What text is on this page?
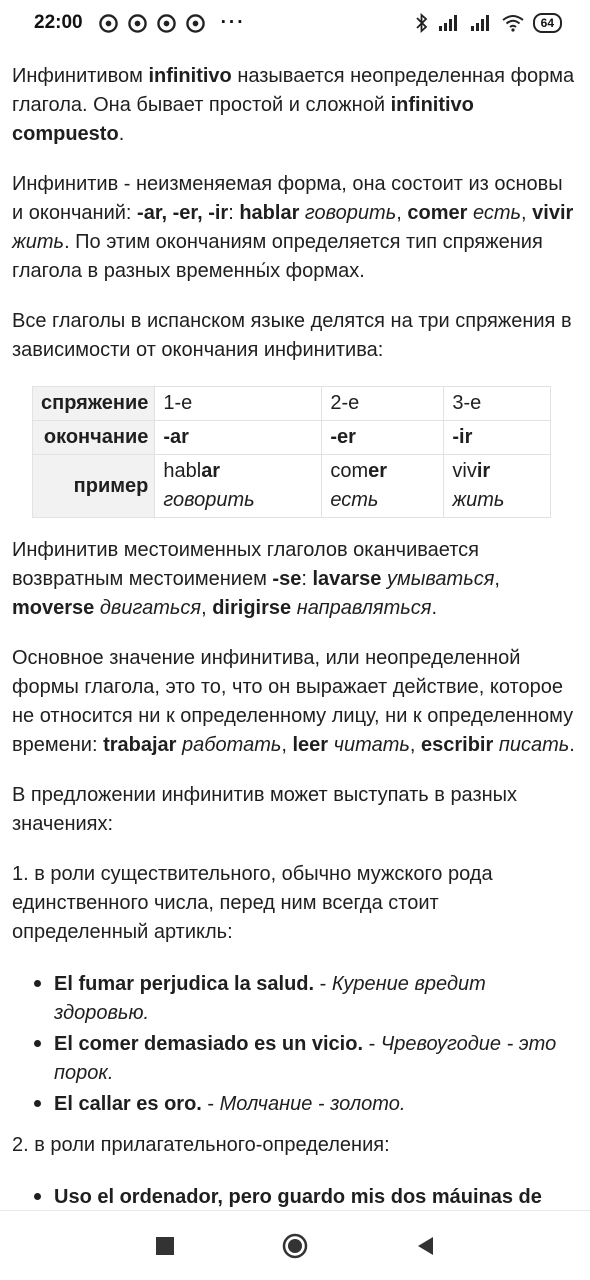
22:00	···	64

Инфинитивом infinitivo называется неопределенная форма глагола. Она бывает простой и сложной infinitivo compuesto.

Инфинитив - неизменяемая форма, она состоит из основы и окончаний: -ar, -er, -ir: hablar говорить, comer есть, vivir жить. По этим окончаниям определяется тип спряжения глагола в разных временны́х формах.

Все глаголы в испанском языке делятся на три спряжения в зависимости от окончания инфинитива:

спряжение	1-е	2-е	3-е
окончание	-ar	-er	-ir
пример	hablar говорить	comer есть	vivir жить

Инфинитив местоименных глаголов оканчивается возвратным местоимением -se: lavarse умываться, moverse двигаться, dirigirse направляться.

Основное значение инфинитива, или неопределенной формы глагола, это то, что он выражает действие, которое не относится ни к определенному лицу, ни к определенному времени: trabajar работать, leer читать, escribir писать.

В предложении инфинитив может выступать в разных значениях:

1. в роли существительного, обычно мужского рода единственного числа, перед ним всегда стоит определенный артикль:

• El fumar perjudica la salud. - Курение вредит здоровью.
• El comer demasiado es un vicio. - Чревоугодие - это порок.
• El callar es oro. - Молчание - золото.

2. в роли прилагательного-определения:

• Uso el ordenador, pero guardo mis dos máuinas de
